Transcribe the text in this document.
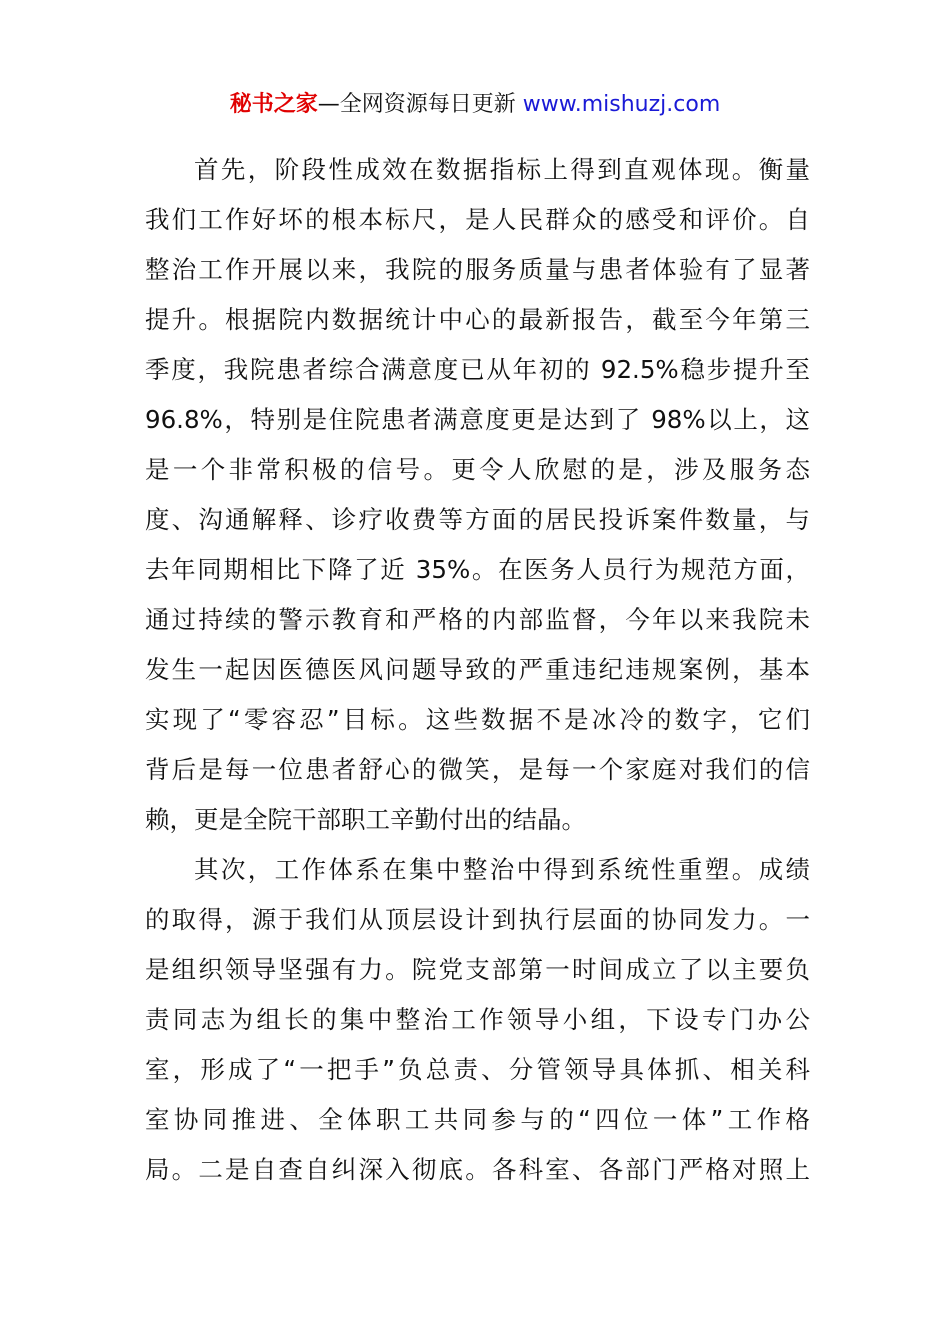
秘书之家—全网资源每日更新 www.mishuzj.com
首先，阶段性成效在数据指标上得到直观体现。衡量
我们工作好坏的根本标尺，是人民群众的感受和评价。自
整治工作开展以来，我院的服务质量与患者体验有了显著
提升。根据院内数据统计中心的最新报告，截至今年第三
季度，我院患者综合满意度已从年初的 92.5%稳步提升至
96.8%，特别是住院患者满意度更是达到了 98%以上，这
是一个非常积极的信号。更令人欣慰的是，涉及服务态
度、沟通解释、诊疗收费等方面的居民投诉案件数量，与
去年同期相比下降了近 35%。在医务人员行为规范方面，
通过持续的警示教育和严格的内部监督，今年以来我院未
发生一起因医德医风问题导致的严重违纪违规案例，基本
实现了“零容忍”目标。这些数据不是冰冷的数字，它们
背后是每一位患者舒心的微笑，是每一个家庭对我们的信
赖，更是全院干部职工辛勤付出的结晶。
其次，工作体系在集中整治中得到系统性重塑。成绩
的取得，源于我们从顶层设计到执行层面的协同发力。一
是组织领导坚强有力。院党支部第一时间成立了以主要负
责同志为组长的集中整治工作领导小组，下设专门办公
室，形成了“一把手”负总责、分管领导具体抓、相关科
室协同推进、全体职工共同参与的“四位一体”工作格
局。二是自查自纠深入彻底。各科室、各部门严格对照上
